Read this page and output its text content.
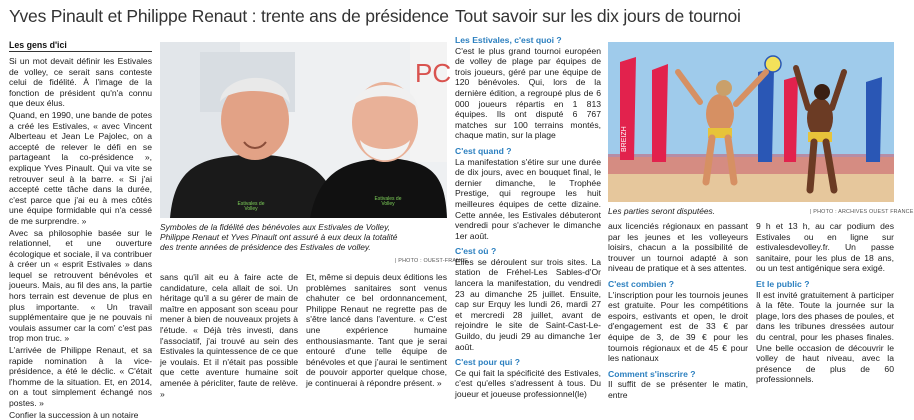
Yves Pinault et Philippe Renaut : trente ans de présidence Tout savoir sur les dix jours de tournoi
Les gens d'ici

Si un mot devait définir les Estivales de volley, ce serait sans conteste celui de fidélité. À l'image de la fonction de président qu'n'a connu que deux élus.

Quand, en 1990, une bande de potes a créé les Estivales, « avec Vincent Alberteau et Jean Le Pajolec, on a accepté de relever le défi en se partageant la co-présidence », explique Yves Pinault. Qui va vite se retrouver seul à la barre. « Si j'ai accepté cette tâche dans la durée, c'est parce que j'ai eu à mes côtés une équipe formidable qui n'a cessé de me surprendre. »

Avec sa philosophie basée sur le relationnel, et une ouverture écologique et sociale, il va contribuer à créer un « esprit Estivales » dans lequel se retrouvent bénévoles et joueurs. Mais, au fil des ans, la partie hors terrain est devenue de plus en plus importante. « Un travail supplémentaire que je ne pouvais ni voulais assumer car la com' c'est pas trop mon truc. »

L'arrivée de Philippe Renaut, et sa rapide nomination à la vice-présidence, a été le déclic. « C'était l'homme de la situation. Et, en 2014, on a tout simplement échangé nos postes. »

Confier la succession à un notaire

PC
Estivales de Volley
Estivales de Volley
Symboles de la fidélité des bénévoles aux Estivales de Volley, Philippe Renaut et Yves Pinault ont assuré à eux deux la totalité des trente années de présidence des Estivales de volley.
| PHOTO : OUEST-FRANCE

sans qu'il ait eu à faire acte de candidature, cela allait de soi. Un héritage qu'il a su gérer de main de maître en apposant son sceau pour mener à bien de nouveaux projets à l'étude. « Déjà très investi, dans l'associatif, j'ai trouvé au sein des Estivales la quintessence de ce que je voulais. Et il n'était pas possible que cette aventure humaine soit amenée à péricliter, faute de relève. »

Et, même si depuis deux éditions les problèmes sanitaires sont venus chahuter ce bel ordonnancement, Philippe Renaut ne regrette pas de s'être lancé dans l'aventure. « C'est une expérience humaine enthousiasmante. Tant que je serai entouré d'une telle équipe de bénévoles et que j'aurai le sentiment de pouvoir apporter quelque chose, je continuerai à répondre présent. »

Les Estivales, c'est quoi ?

C'est le plus grand tournoi européen de volley de plage par équipes de trois joueurs, géré par une équipe de 120 bénévoles. Qui, lors de la dernière édition, a regroupé plus de 6 000 joueurs répartis en 1 813 équipes. Ils ont disputé 6 767 matches sur 100 terrains montés, chaque matin, sur la plage

C'est quand ?

La manifestation s'étire sur une durée de dix jours, avec en bouquet final, le dernier dimanche, le Trophée Prestige, qui regroupe les huit meilleures équipes de cette dizaine. Cette année, les Estivales débuteront vendredi pour s'achever le dimanche 1er août.

C'est où ?

Elles se déroulent sur trois sites. La station de Fréhel-Les Sables-d'Or lancera la manifestation, du vendredi 23 au dimanche 25 juillet. Ensuite, cap sur Erquy les lundi 26, mardi 27 et mercredi 28 juillet, avant de rejoindre le site de Saint-Cast-Le-Guildo, du jeudi 29 au dimanche 1er août.

C'est pour qui ?

Ce qui fait la spécificité des Estivales, c'est qu'elles s'adressent à tous. Du joueur et joueuse professionnel(le)

BREIZH
Les parties seront disputées.	| PHOTO : ARCHIVES OUEST FRANCE

aux licenciés régionaux en passant par les jeunes et les volleyeurs loisirs, chacun a la possibilité de trouver un tournoi adapté à son niveau de pratique et à ses attentes.

C'est combien ?

L'inscription pour les tournois jeunes est gratuite. Pour les compétitions espoirs, estivants et open, le droit d'engagement est de 33 € par équipe de 3, de 39 € pour les tournois régionaux et de 45 € pour les nationaux

Comment s'inscrire ?

Il suffit de se présenter le matin, entre

9 h et 13 h, au car podium des Estivales ou en ligne sur estivalesdevolley.fr. Un passe sanitaire, pour les plus de 18 ans, ou un test antigénique sera exigé.

Et le public ?

Il est invité gratuitement à participer à la fête. Toute la journée sur la plage, lors des phases de poules, et dans les tribunes dressées autour du central, pour les phases finales. Une belle occasion de découvrir le volley de haut niveau, avec la présence de plus de 60 professionnels.
